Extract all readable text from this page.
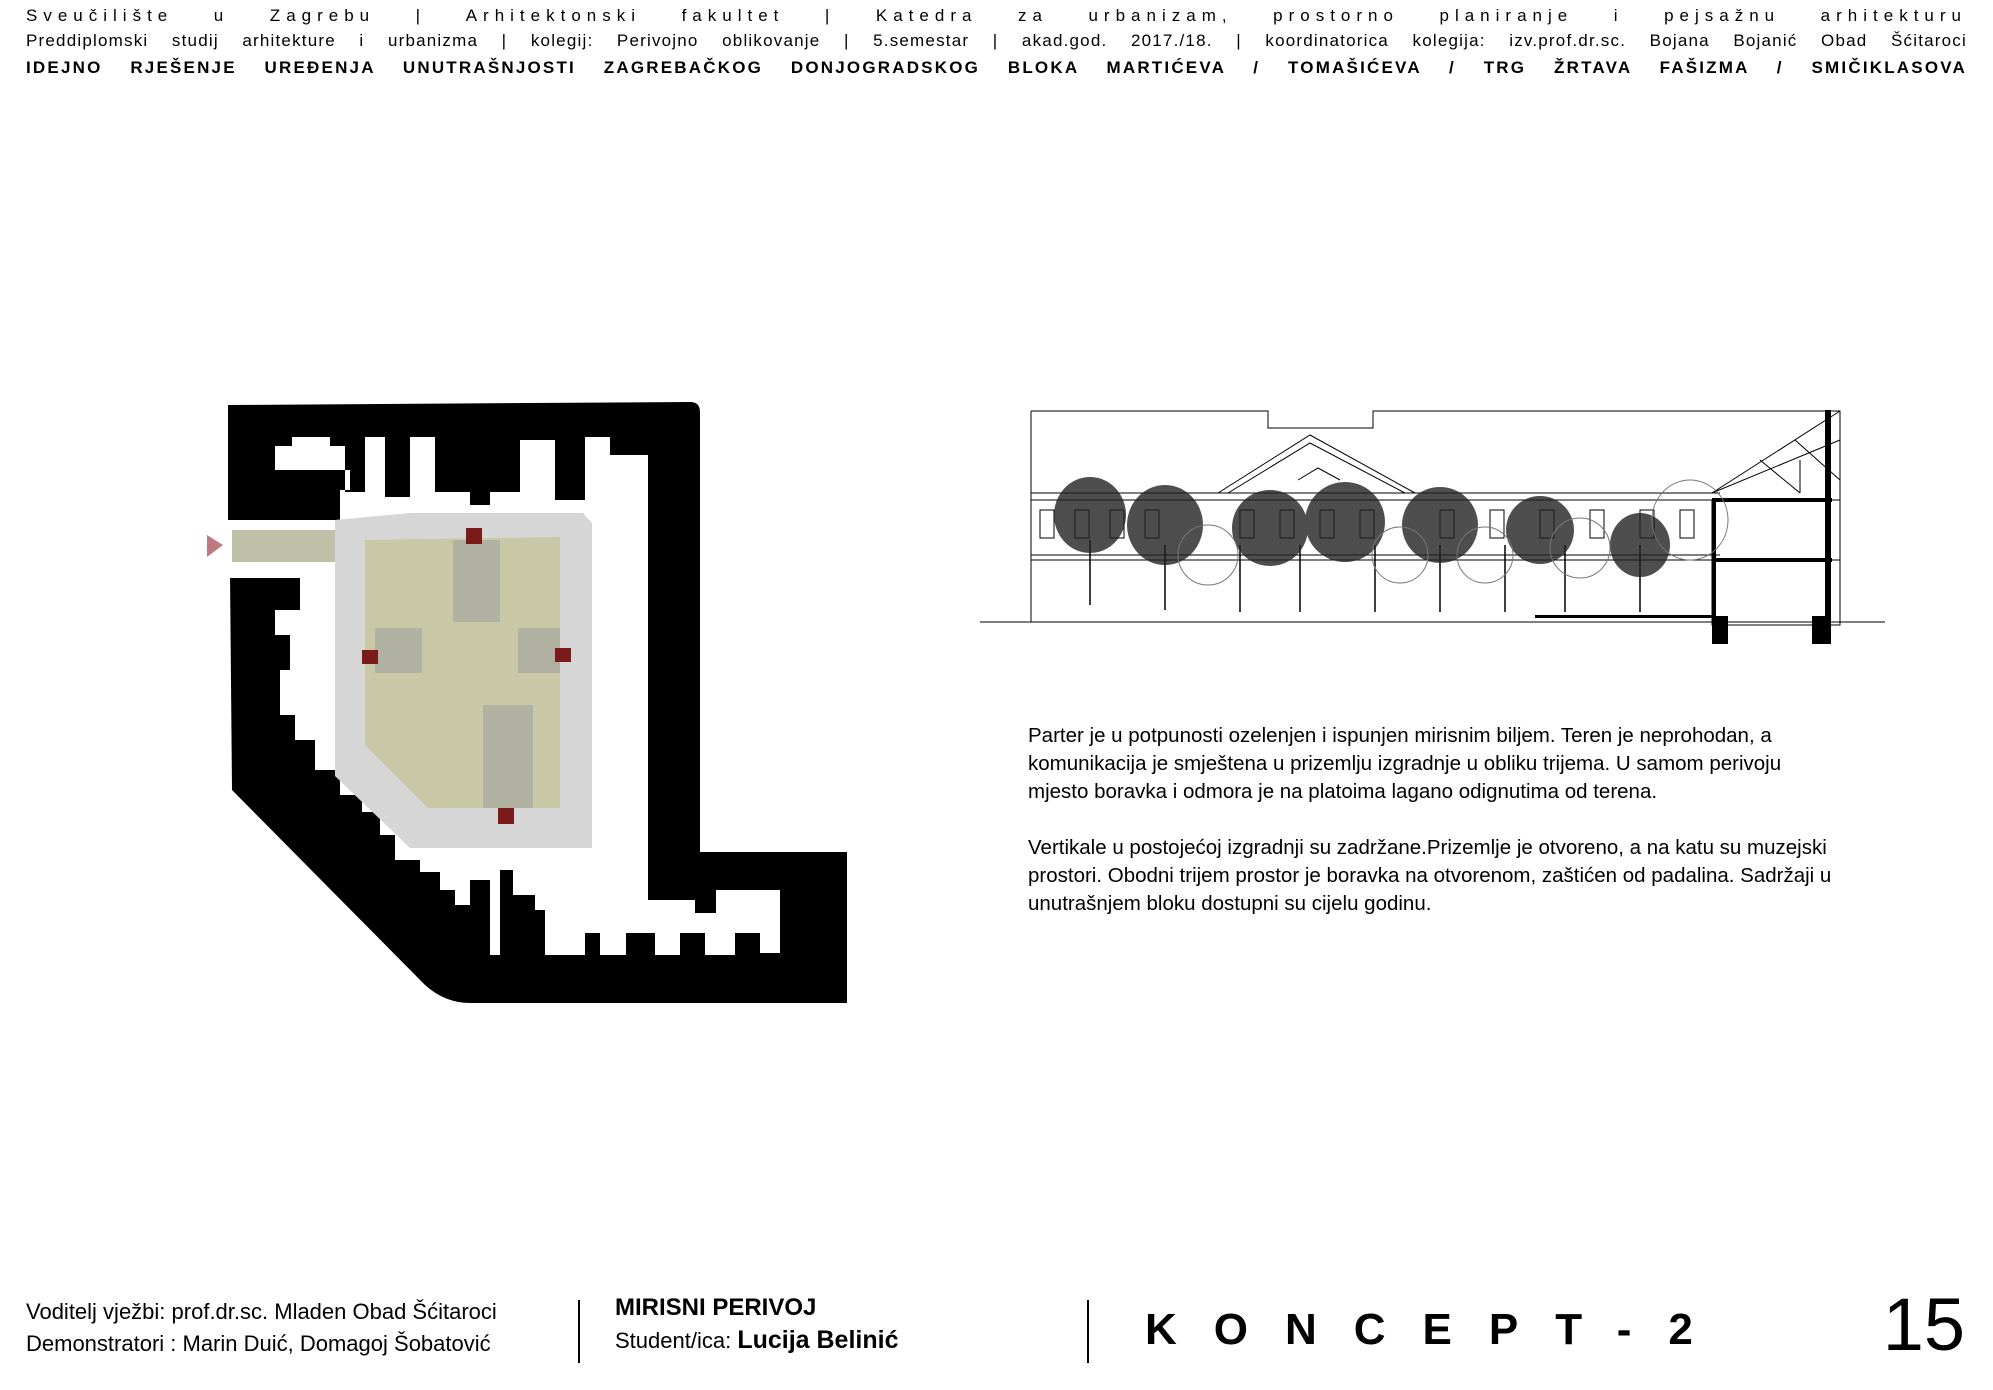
Sveučilište u Zagrebu | Arhitektonski fakultet | Katedra za urbanizam, prostorno planiranje i pejsažnu arhitekturu
Preddiplomski studij arhitekture i urbanizma | kolegij: Perivojno oblikovanje | 5.semestar | akad.god. 2017./18. | koordinatorica kolegija: izv.prof.dr.sc. Bojana Bojanić Obad Šćitaroci
IDEJNO RJEŠENJE UREĐENJA UNUTRAŠNJOSTI ZAGREBAČKOG DONJOGRADSKOG BLOKA MARTIĆEVA / TOMAŠIĆEVA / TRG ŽRTAVA FAŠIZMA / SMIČIKLASOVA

Parter je u potpunosti ozelenjen i ispunjen mirisnim biljem. Teren je neprohodan, a komunikacija je smještena u prizemlju izgradnje u obliku trijema. U samom perivoju mjesto boravka i odmora je na platoima lagano odignutima od terena.

Vertikale u postojećoj izgradnji su zadržane.Prizemlje je otvoreno, a na katu su muzejski prostori. Obodni trijem prostor je boravka na otvorenom, zaštićen od padalina. Sadržaji u unutrašnjem bloku dostupni su cijelu godinu.

Voditelj vježbi: prof.dr.sc. Mladen Obad Šćitaroci
Demonstratori : Marin Duić, Domagoj Šobatović
MIRISNI PERIVOJ
Student/ica: Lucija Belinić	KONCEPT-2 15
